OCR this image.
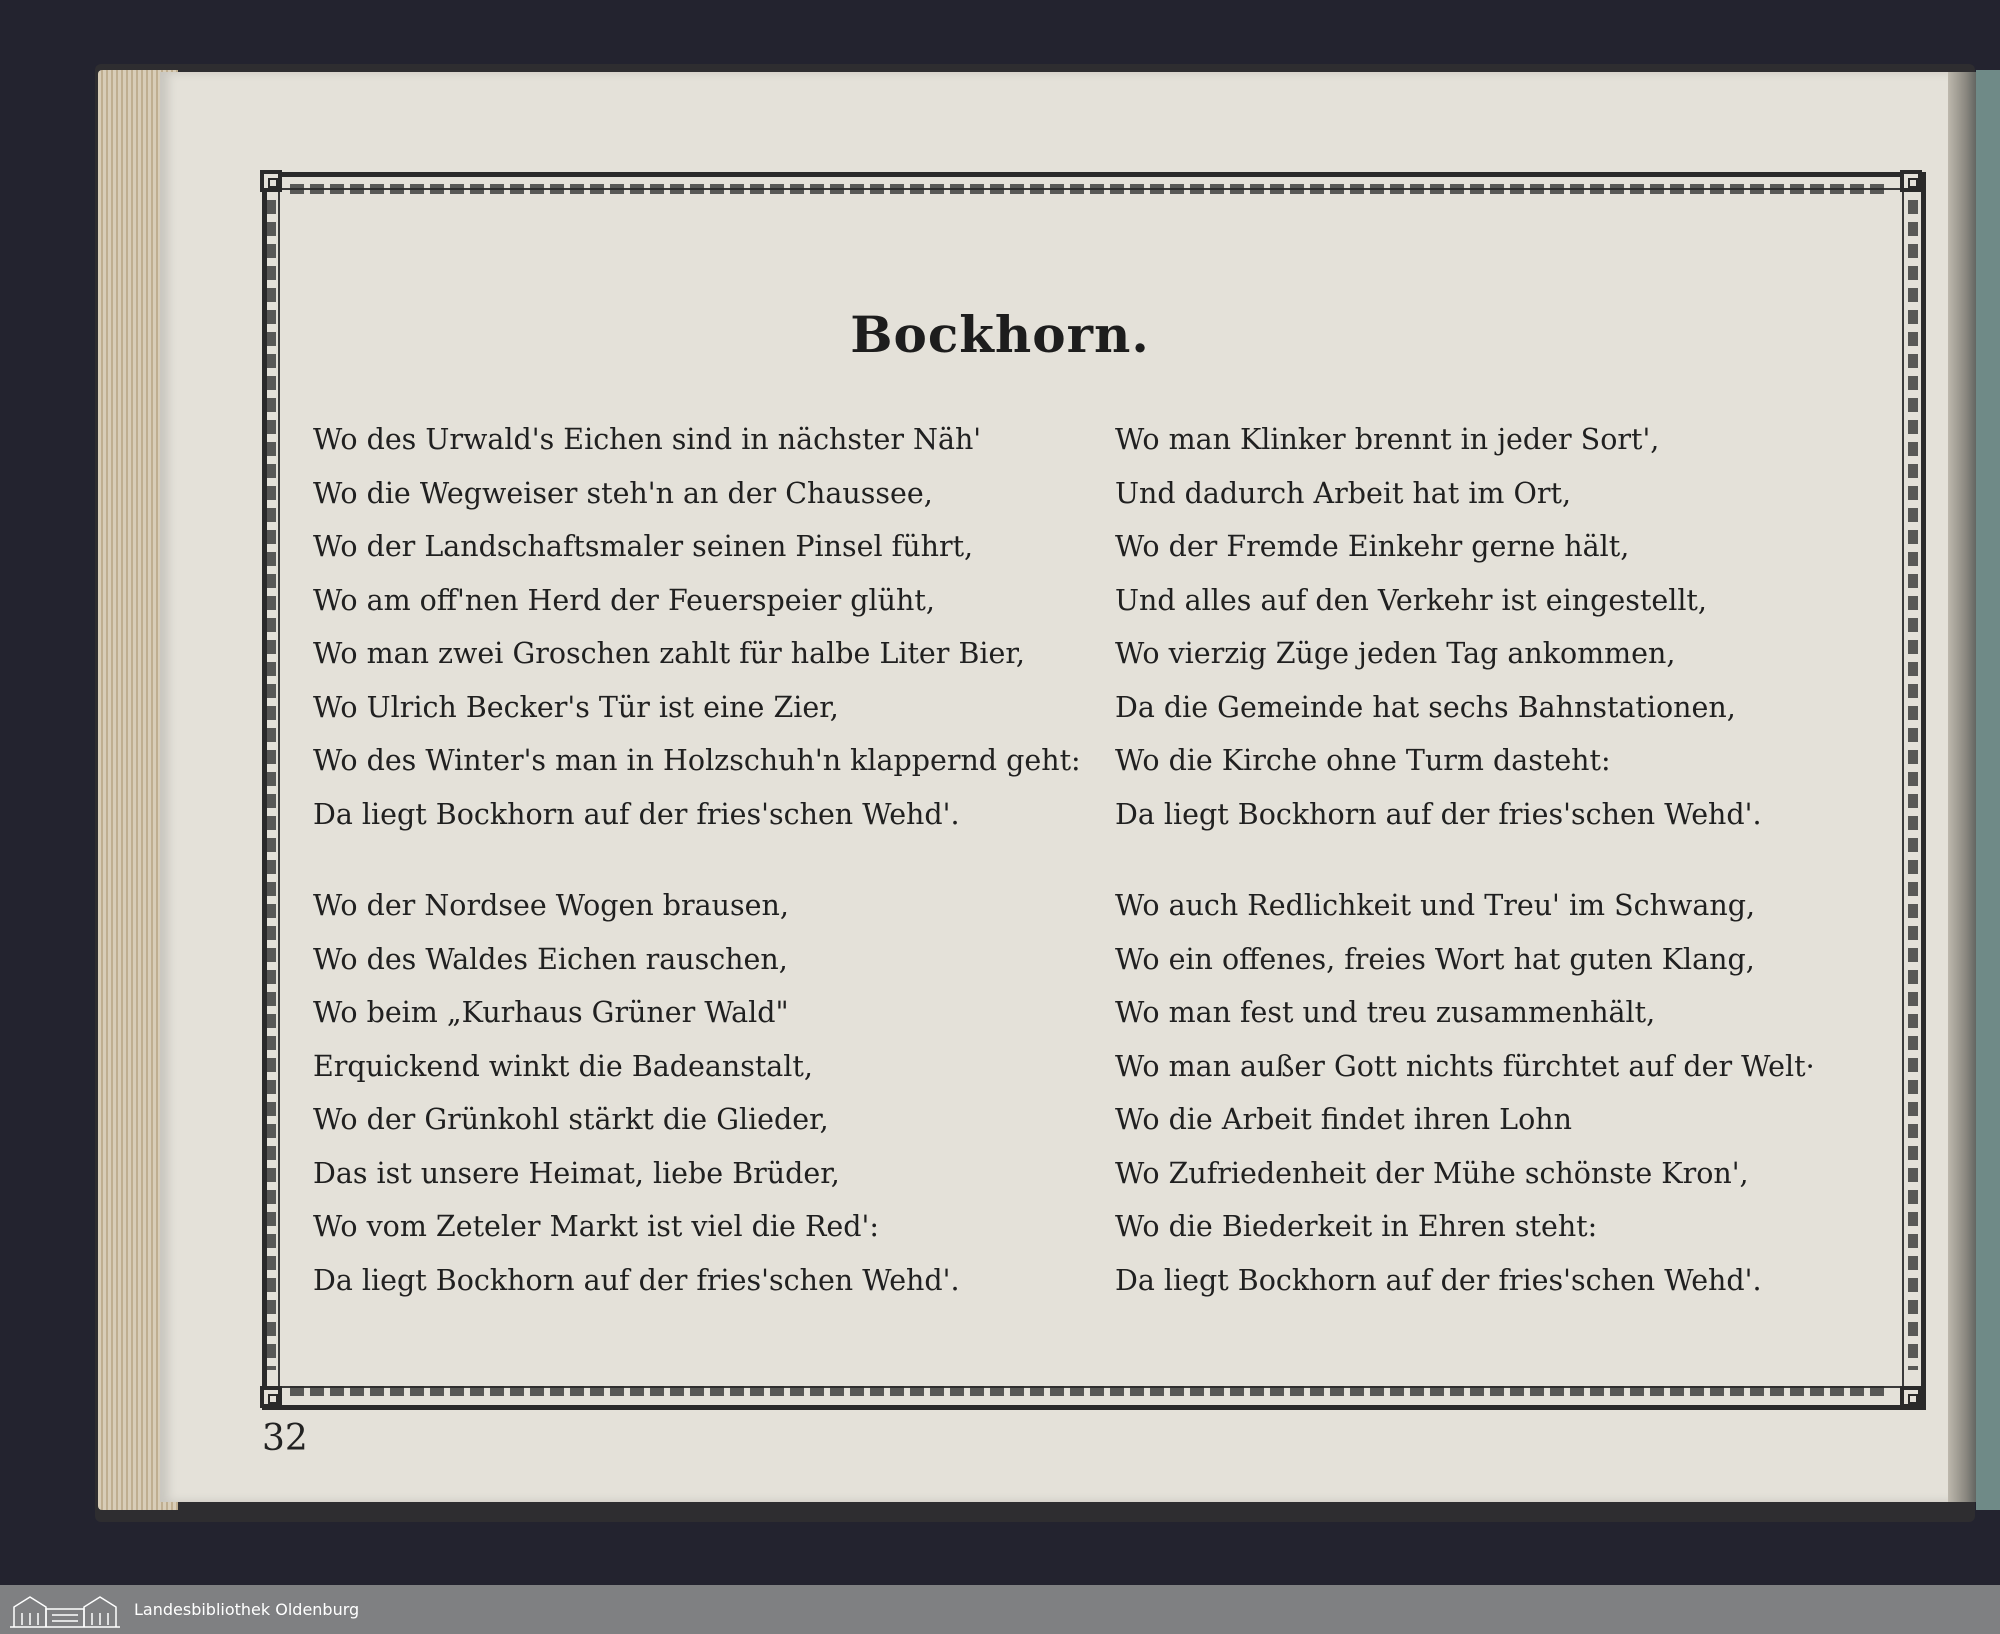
Bockhorn.
Wo des Urwald's Eichen sind in nächster Näh'
Wo die Wegweiser steh'n an der Chaussee,
Wo der Landschaftsmaler seinen Pinsel führt,
Wo am off'nen Herd der Feuerspeier glüht,
Wo man zwei Groschen zahlt für halbe Liter Bier,
Wo Ulrich Becker's Tür ist eine Zier,
Wo des Winter's man in Holzschuh'n klappernd geht:
Da liegt Bockhorn auf der fries'schen Wehd'.
Wo man Klinker brennt in jeder Sort',
Und dadurch Arbeit hat im Ort,
Wo der Fremde Einkehr gerne hält,
Und alles auf den Verkehr ist eingestellt,
Wo vierzig Züge jeden Tag ankommen,
Da die Gemeinde hat sechs Bahnstationen,
Wo die Kirche ohne Turm dasteht:
Da liegt Bockhorn auf der fries'schen Wehd'.
Wo der Nordsee Wogen brausen,
Wo des Waldes Eichen rauschen,
Wo beim „Kurhaus Grüner Wald"
Erquickend winkt die Badeanstalt,
Wo der Grünkohl stärkt die Glieder,
Das ist unsere Heimat, liebe Brüder,
Wo vom Zeteler Markt ist viel die Red':
Da liegt Bockhorn auf der fries'schen Wehd'.
Wo auch Redlichkeit und Treu' im Schwang,
Wo ein offenes, freies Wort hat guten Klang,
Wo man fest und treu zusammenhält,
Wo man außer Gott nichts fürchtet auf der Welt·
Wo die Arbeit findet ihren Lohn
Wo Zufriedenheit der Mühe schönste Kron',
Wo die Biederkeit in Ehren steht:
Da liegt Bockhorn auf der fries'schen Wehd'.
32
Landesbibliothek Oldenburg
